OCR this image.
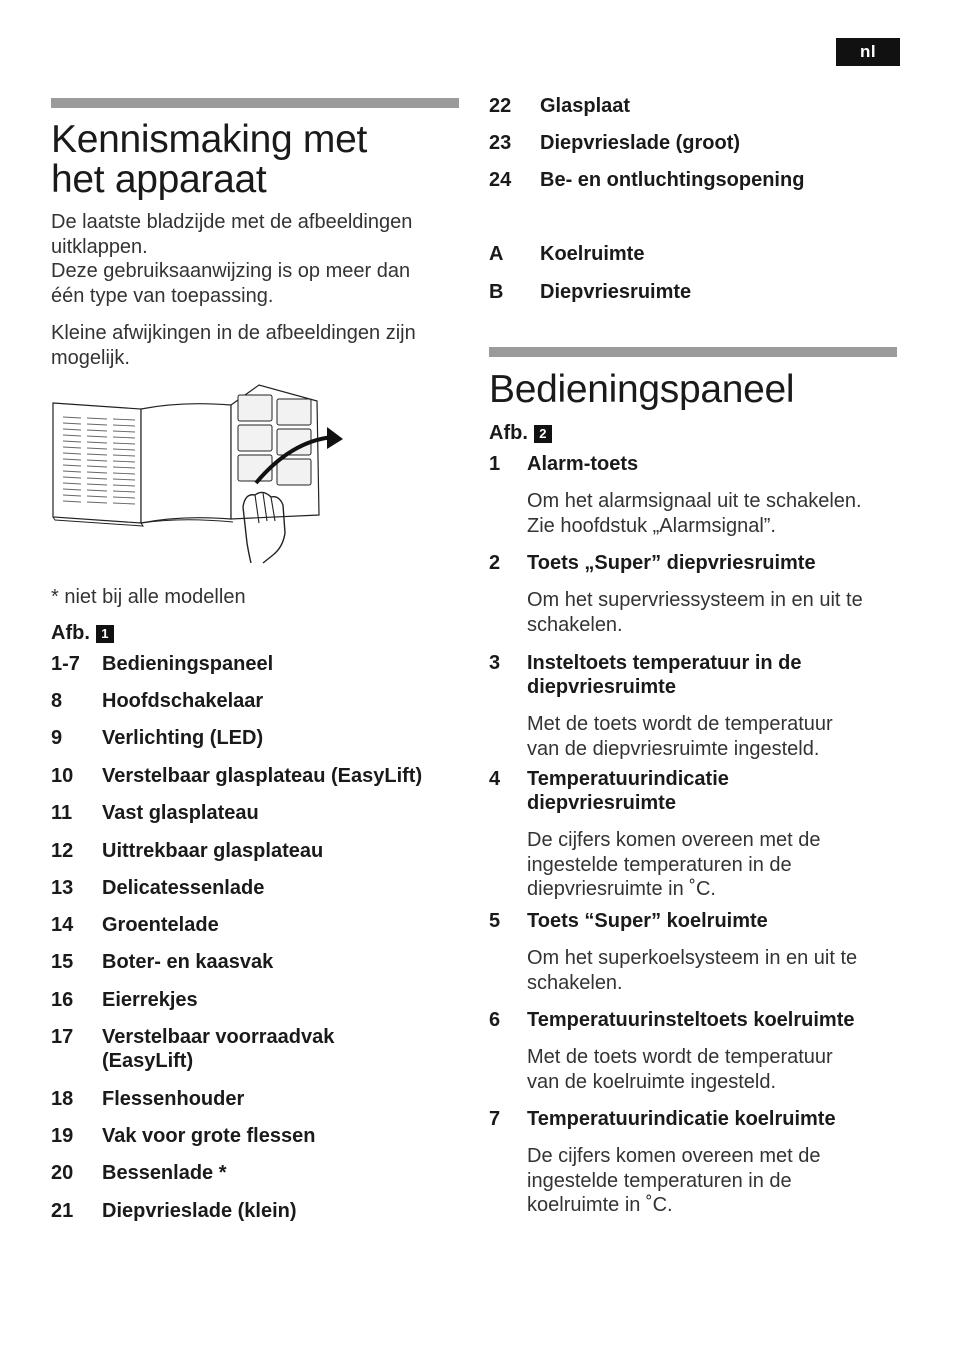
nl
Kennismaking met
het apparaat

De laatste bladzijde met de afbeeldingen

uitklappen.

Deze gebruiksaanwijzing is op meer dan

één type van toepassing.

Kleine afwijkingen in de afbeeldingen zijn

mogelijk.

* niet bij alle modellen
Afb. 1
1-7	Bedieningspaneel
8	Hoofdschakelaar
9	Verlichting (LED)
10	Verstelbaar glasplateau (EasyLift)
11	Vast glasplateau
12	Uittrekbaar glasplateau
13	Delicatessenlade
14	Groentelade
15	Boter- en kaasvak
16	Eierrekjes
17	Verstelbaar voorraadvak
(EasyLift)
18	Flessenhouder
19	Vak voor grote flessen
20	Bessenlade *
21	Diepvrieslade (klein)
22	Glasplaat
23	Diepvrieslade (groot)
24	Be- en ontluchtingsopening
A	Koelruimte
B	Diepvriesruimte
Bedieningspaneel
Afb. 2
1	Alarm-toets
Om het alarmsignaal uit te schakelen.
Zie hoofdstuk „Alarmsignal”.
2	Toets „Super” diepvriesruimte
Om het supervriessysteem in en uit te
schakelen.
3	Insteltoets temperatuur in de
diepvriesruimte
Met de toets wordt de temperatuur
van de diepvriesruimte ingesteld.
4	Temperatuurindicatie
diepvriesruimte
De cijfers komen overeen met de
ingestelde temperaturen in de
diepvriesruimte in ˚C.
5	Toets “Super” koelruimte
Om het superkoelsysteem in en uit te
schakelen.
6	Temperatuurinsteltoets koelruimte
Met de toets wordt de temperatuur
van de koelruimte ingesteld.
7	Temperatuurindicatie koelruimte
De cijfers komen overeen met de
ingestelde temperaturen in de
koelruimte in ˚C.
